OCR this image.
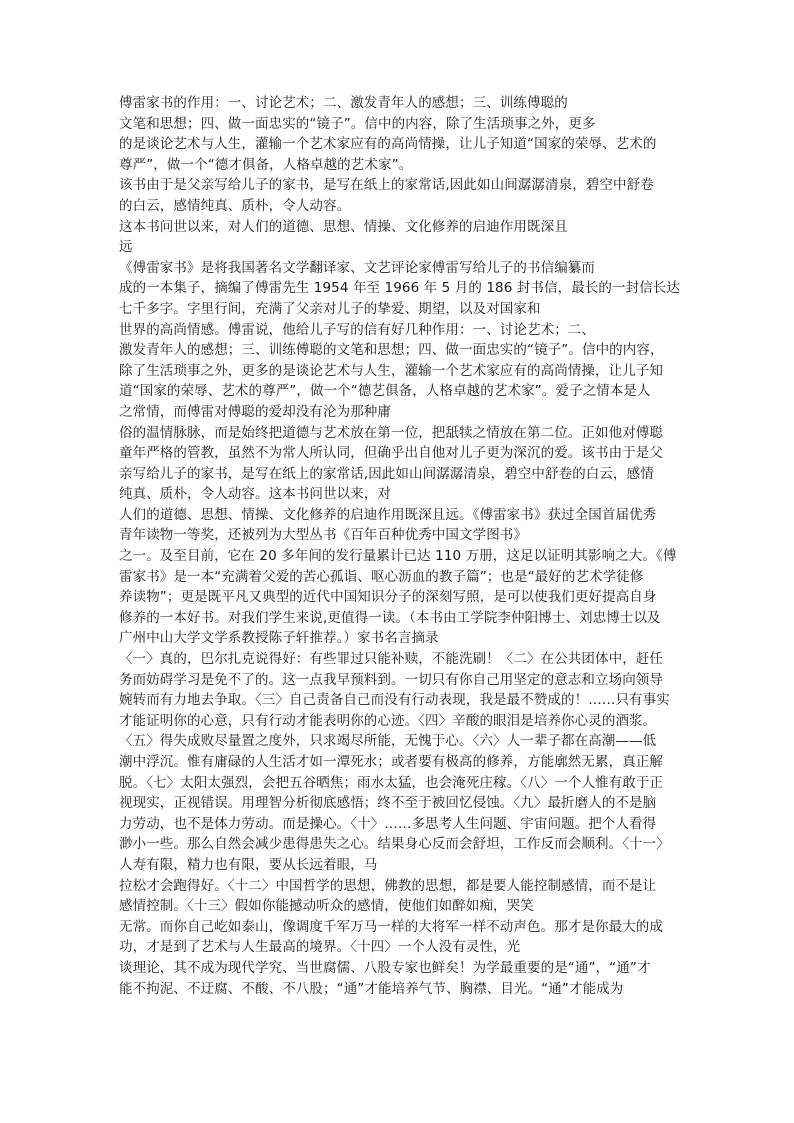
傅雷家书的作用：一、讨论艺术；二、激发青年人的感想；三、训练傅聪的
文笔和思想；四、做一面忠实的“镜子”。信中的内容，除了生活琐事之外，更多
的是谈论艺术与人生，灌输一个艺术家应有的高尚情操，让儿子知道“国家的荣辱、艺术的
尊严”，做一个“德才俱备，人格卓越的艺术家”。
该书由于是父亲写给儿子的家书，是写在纸上的家常话,因此如山间潺潺清泉，碧空中舒卷
的白云，感情纯真、质朴，令人动容。
这本书问世以来，对人们的道德、思想、情操、文化修养的启迪作用既深且
远
《傅雷家书》是将我国著名文学翻译家、文艺评论家傅雷写给儿子的书信编纂而
成的一本集子，摘编了傅雷先生 1954 年至 1966 年 5 月的 186 封书信，最长的一封信长达
七千多字。字里行间，充满了父亲对儿子的挚爱、期望，以及对国家和
世界的高尚情感。傅雷说，他给儿子写的信有好几种作用：一、讨论艺术；二、
激发青年人的感想；三、训练傅聪的文笔和思想；四、做一面忠实的“镜子”。信中的内容，
除了生活琐事之外，更多的是谈论艺术与人生，灌输一个艺术家应有的高尚情操，让儿子知
道“国家的荣辱、艺术的尊严”，做一个“德艺俱备，人格卓越的艺术家”。爱子之情本是人
之常情，而傅雷对傅聪的爱却没有沦为那种庸
俗的温情脉脉，而是始终把道德与艺术放在第一位，把舐犊之情放在第二位。正如他对傅聪
童年严格的管教，虽然不为常人所认同，但确乎出自他对儿子更为深沉的爱。该书由于是父
亲写给儿子的家书，是写在纸上的家常话,因此如山间潺潺清泉，碧空中舒卷的白云，感情
纯真、质朴，令人动容。这本书问世以来，对
人们的道德、思想、情操、文化修养的启迪作用既深且远。《傅雷家书》获过全国首届优秀
青年读物一等奖，还被列为大型丛书《百年百种优秀中国文学图书》
之一。及至目前，它在 20 多年间的发行量累计已达 110 万册，这足以证明其影响之大。《傅
雷家书》是一本“充满着父爱的苦心孤诣、呕心沥血的教子篇”；也是“最好的艺术学徒修
养读物”；更是既平凡又典型的近代中国知识分子的深刻写照，是可以使我们更好提高自身
修养的一本好书。对我们学生来说,更值得一读。（本书由工学院李仲阳博士、刘忠博士以及
广州中山大学文学系教授陈子轩推荐。）家书名言摘录
〈一〉真的，巴尔扎克说得好：有些罪过只能补赎，不能洗刷！〈二〉在公共团体中，赶任
务而妨碍学习是免不了的。这一点我早预料到。一切只有你自己用坚定的意志和立场向领导
婉转而有力地去争取。〈三〉自己责备自己而没有行动表现，我是最不赞成的！……只有事实
才能证明你的心意，只有行动才能表明你的心迹。〈四〉辛酸的眼泪是培养你心灵的酒浆。
〈五〉得失成败尽量置之度外，只求竭尽所能，无愧于心。〈六〉人一辈子都在高潮——低
潮中浮沉。惟有庸碌的人生活才如一潭死水；或者要有极高的修养，方能廓然无累，真正解
脱。〈七〉太阳太强烈，会把五谷晒焦；雨水太猛，也会淹死庄稼。〈八〉一个人惟有敢于正
视现实，正视错误。用理智分析彻底感悟；终不至于被回忆侵蚀。〈九〉最折磨人的不是脑
力劳动，也不是体力劳动。而是操心。〈十〉……多思考人生问题、宇宙问题。把个人看得
渺小一些。那么自然会减少患得患失之心。结果身心反而会舒坦，工作反而会顺利。〈十一〉
人寿有限，精力也有限，要从长远着眼，马
拉松才会跑得好。〈十二〉中国哲学的思想，佛教的思想，都是要人能控制感情，而不是让
感情控制。〈十三〉假如你能撼动听众的感情，使他们如醉如痴，哭笑
无常。而你自己屹如泰山，像调度千军万马一样的大将军一样不动声色。那才是你最大的成
功，才是到了艺术与人生最高的境界。〈十四〉一个人没有灵性，光
谈理论，其不成为现代学究、当世腐儒、八股专家也鲜矣！为学最重要的是“通”，“通”才
能不拘泥、不迂腐、不酸、不八股；“通”才能培养气节、胸襟、目光。“通”才能成为
